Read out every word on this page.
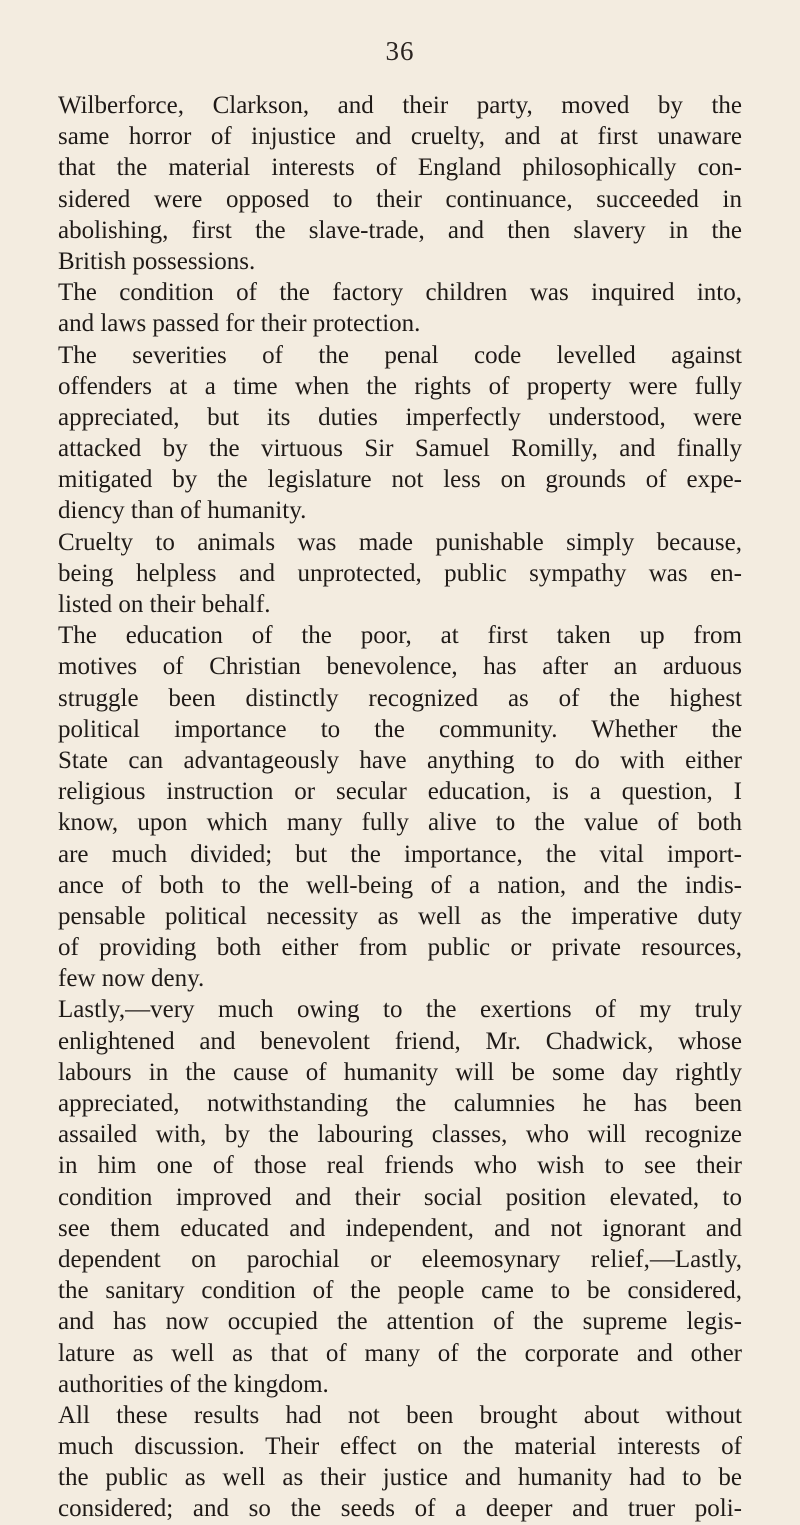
36
Wilberforce, Clarkson, and their party, moved by the
same horror of injustice and cruelty, and at first unaware
that the material interests of England philosophically con-
sidered were opposed to their continuance, succeeded in
abolishing, first the slave-trade, and then slavery in the
British possessions.
The condition of the factory children was inquired into,
and laws passed for their protection.
The severities of the penal code levelled against
offenders at a time when the rights of property were fully
appreciated, but its duties imperfectly understood, were
attacked by the virtuous Sir Samuel Romilly, and finally
mitigated by the legislature not less on grounds of expe-
diency than of humanity.
Cruelty to animals was made punishable simply because,
being helpless and unprotected, public sympathy was en-
listed on their behalf.
The education of the poor, at first taken up from
motives of Christian benevolence, has after an arduous
struggle been distinctly recognized as of the highest
political importance to the community. Whether the
State can advantageously have anything to do with either
religious instruction or secular education, is a question, I
know, upon which many fully alive to the value of both
are much divided; but the importance, the vital import-
ance of both to the well-being of a nation, and the indis-
pensable political necessity as well as the imperative duty
of providing both either from public or private resources,
few now deny.
Lastly,—very much owing to the exertions of my truly
enlightened and benevolent friend, Mr. Chadwick, whose
labours in the cause of humanity will be some day rightly
appreciated, notwithstanding the calumnies he has been
assailed with, by the labouring classes, who will recognize
in him one of those real friends who wish to see their
condition improved and their social position elevated, to
see them educated and independent, and not ignorant and
dependent on parochial or eleemosynary relief,—Lastly,
the sanitary condition of the people came to be considered,
and has now occupied the attention of the supreme legis-
lature as well as that of many of the corporate and other
authorities of the kingdom.
All these results had not been brought about without
much discussion. Their effect on the material interests of
the public as well as their justice and humanity had to be
considered; and so the seeds of a deeper and truer poli-
